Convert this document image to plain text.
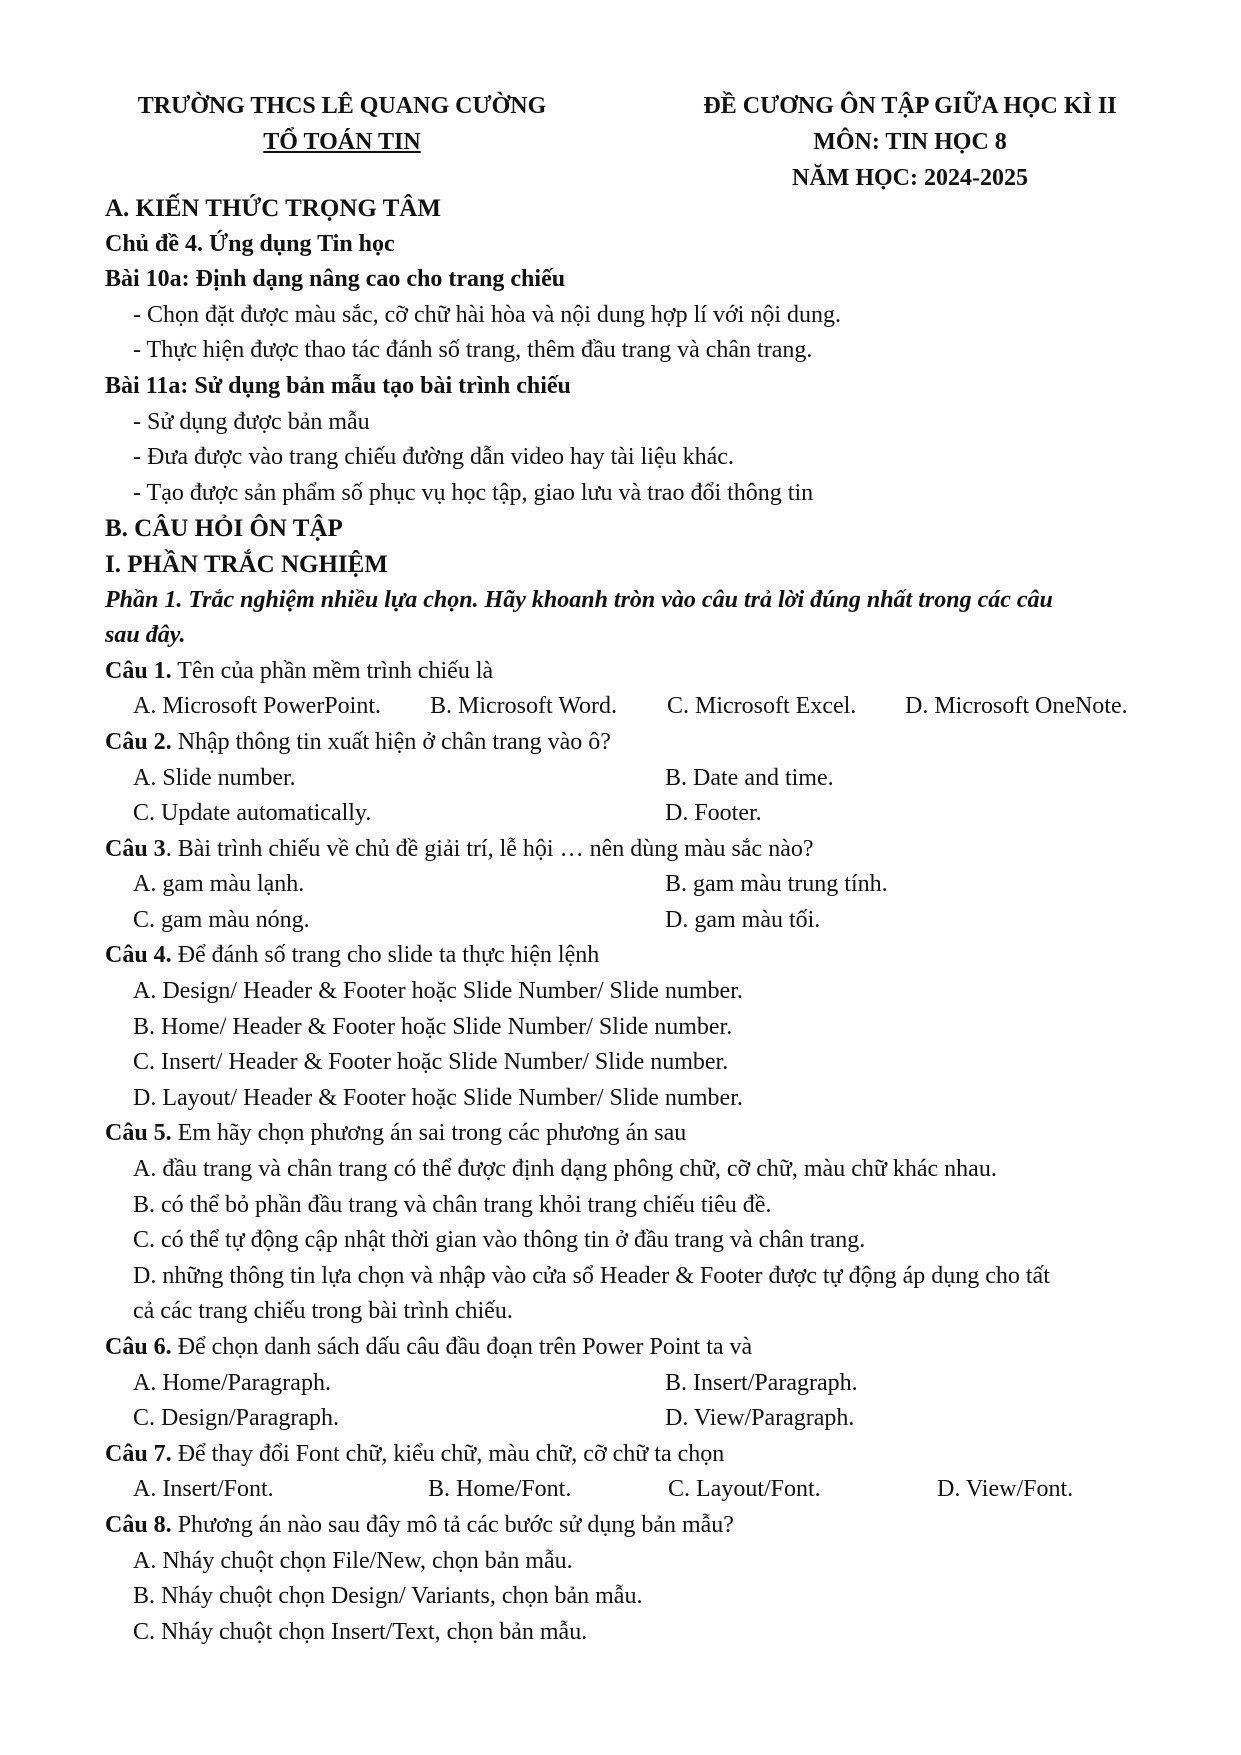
TRƯỜNG THCS LÊ QUANG CƯỜNG
TỔ TOÁN TIN
ĐỀ CƯƠNG ÔN TẬP GIỮA HỌC KÌ II
MÔN: TIN HỌC 8
NĂM HỌC: 2024-2025
A. KIẾN THỨC TRỌNG TÂM
Chủ đề 4. Ứng dụng Tin học
Bài 10a: Định dạng nâng cao cho trang chiếu
- Chọn đặt được màu sắc, cỡ chữ hài hòa và nội dung hợp lí với nội dung.
- Thực hiện được thao tác đánh số trang, thêm đầu trang và chân trang.
Bài 11a: Sử dụng bản mẫu tạo bài trình chiếu
- Sử dụng được bản mẫu
- Đưa được vào trang chiếu đường dẫn video hay tài liệu khác.
- Tạo được sản phẩm số phục vụ học tập, giao lưu và trao đổi thông tin
B. CÂU HỎI ÔN TẬP
I. PHẦN TRẮC NGHIỆM
Phần 1. Trắc nghiệm nhiều lựa chọn. Hãy khoanh tròn vào câu trả lời đúng nhất trong các câu
sau đây.
Câu 1. Tên của phần mềm trình chiếu là
A. Microsoft PowerPoint. B. Microsoft Word. C. Microsoft Excel. D. Microsoft OneNote.
Câu 2. Nhập thông tin xuất hiện ở chân trang vào ô?
A. Slide number.	B. Date and time.
C. Update automatically.	D. Footer.
Câu 3. Bài trình chiếu về chủ đề giải trí, lễ hội … nên dùng màu sắc nào?
A. gam màu lạnh.	B. gam màu trung tính.
C. gam màu nóng.	D. gam màu tối.
Câu 4. Để đánh số trang cho slide ta thực hiện lệnh
A. Design/ Header & Footer hoặc Slide Number/ Slide number.
B. Home/ Header & Footer hoặc Slide Number/ Slide number.
C. Insert/ Header & Footer hoặc Slide Number/ Slide number.
D. Layout/ Header & Footer hoặc Slide Number/ Slide number.
Câu 5. Em hãy chọn phương án sai trong các phương án sau
A. đầu trang và chân trang có thể được định dạng phông chữ, cỡ chữ, màu chữ khác nhau.
B. có thể bỏ phần đầu trang và chân trang khỏi trang chiếu tiêu đề.
C. có thể tự động cập nhật thời gian vào thông tin ở đầu trang và chân trang.
D. những thông tin lựa chọn và nhập vào cửa sổ Header & Footer được tự động áp dụng cho tất
cả các trang chiếu trong bài trình chiếu.
Câu 6. Để chọn danh sách dấu câu đầu đoạn trên Power Point ta và
A. Home/Paragraph.	B. Insert/Paragraph.
C. Design/Paragraph.	D. View/Paragraph.
Câu 7. Để thay đổi Font chữ, kiểu chữ, màu chữ, cỡ chữ ta chọn
A. Insert/Font.	B. Home/Font.	C. Layout/Font.	D. View/Font.
Câu 8. Phương án nào sau đây mô tả các bước sử dụng bản mẫu?
A. Nháy chuột chọn File/New, chọn bản mẫu.
B. Nháy chuột chọn Design/ Variants, chọn bản mẫu.
C. Nháy chuột chọn Insert/Text, chọn bản mẫu.
